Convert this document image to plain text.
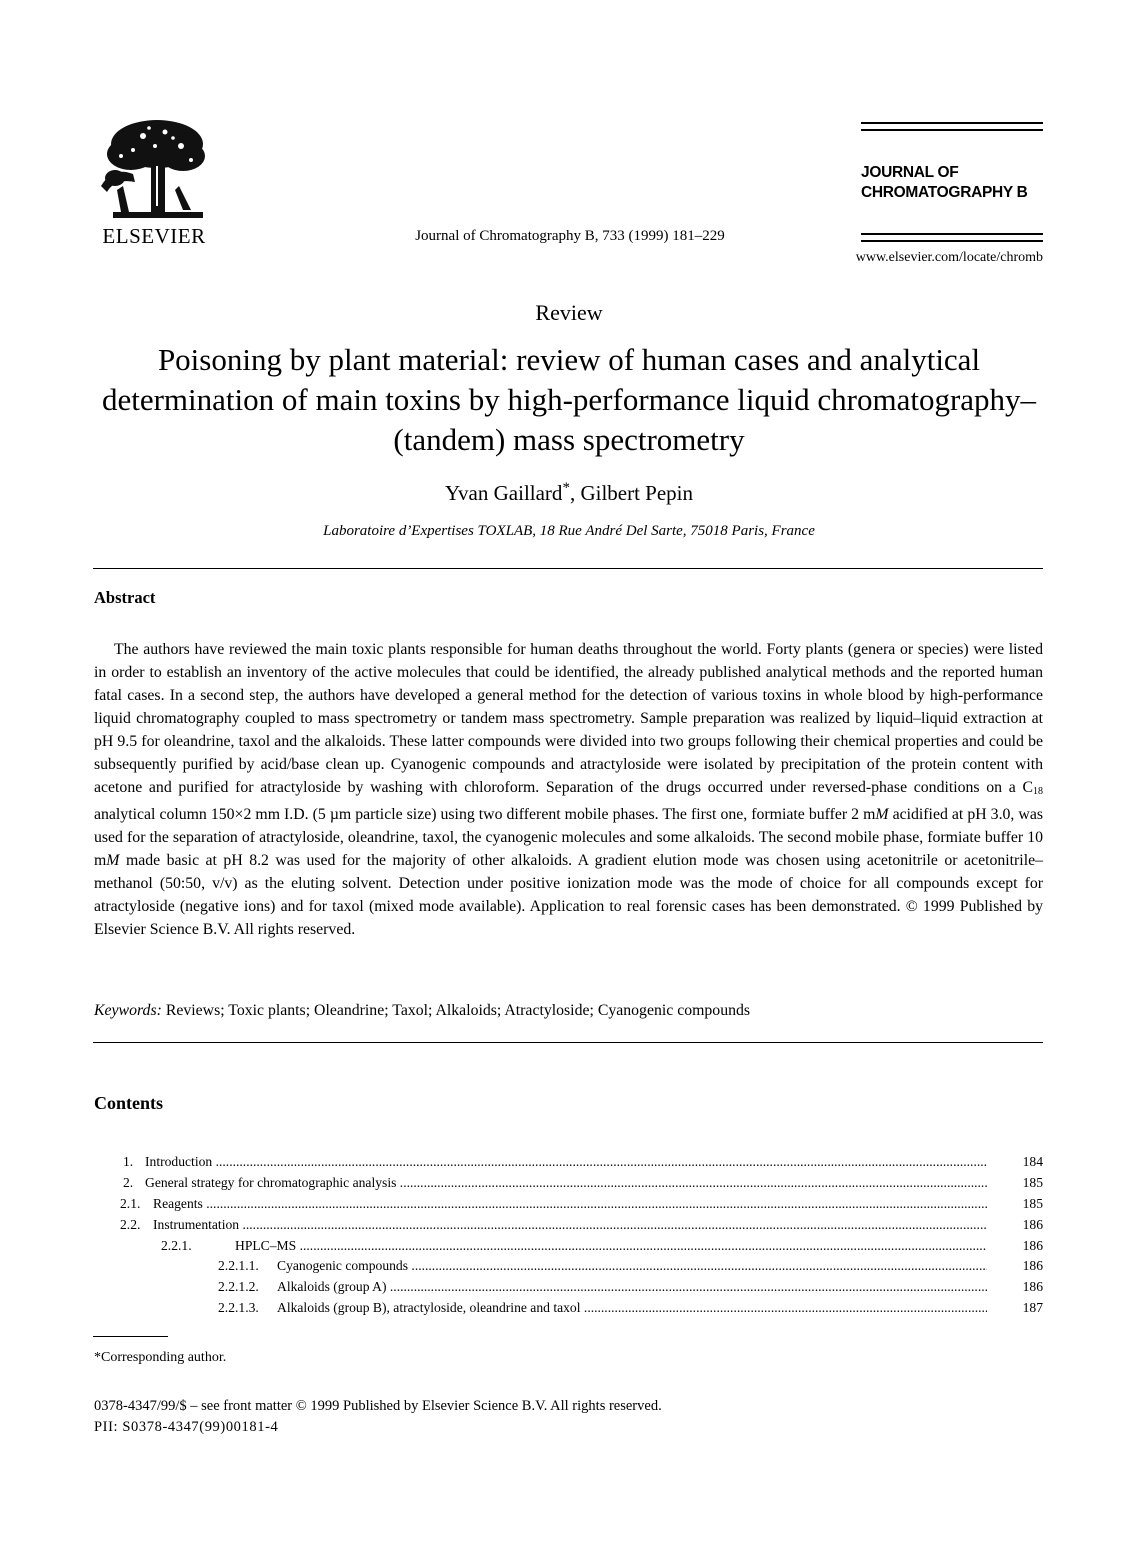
ELSEVIER	Journal of Chromatography B, 733 (1999) 181–229
JOURNAL OF
CHROMATOGRAPHY B
www.elsevier.com/locate/chromb
Review
Poisoning by plant material: review of human cases and analytical determination of main toxins by high-performance liquid chromatography–(tandem) mass spectrometry
Yvan Gaillard*, Gilbert Pepin
Laboratoire d’Expertises TOXLAB, 18 Rue André Del Sarte, 75018 Paris, France
Abstract
The authors have reviewed the main toxic plants responsible for human deaths throughout the world. Forty plants (genera or species) were listed in order to establish an inventory of the active molecules that could be identified, the already published analytical methods and the reported human fatal cases. In a second step, the authors have developed a general method for the detection of various toxins in whole blood by high-performance liquid chromatography coupled to mass spectrometry or tandem mass spectrometry. Sample preparation was realized by liquid–liquid extraction at pH 9.5 for oleandrine, taxol and the alkaloids. These latter compounds were divided into two groups following their chemical properties and could be subsequently purified by acid/base clean up. Cyanogenic compounds and atractyloside were isolated by precipitation of the protein content with acetone and purified for atractyloside by washing with chloroform. Separation of the drugs occurred under reversed-phase conditions on a $C_{18}$ analytical column 150×2 mm I.D. (5 µm particle size) using two different mobile phases. The first one, formiate buffer 2 mM acidified at pH 3.0, was used for the separation of atractyloside, oleandrine, taxol, the cyanogenic molecules and some alkaloids. The second mobile phase, formiate buffer 10 mM made basic at pH 8.2 was used for the majority of other alkaloids. A gradient elution mode was chosen using acetonitrile or acetonitrile–methanol (50:50, v/v) as the eluting solvent. Detection under positive ionization mode was the mode of choice for all compounds except for atractyloside (negative ions) and for taxol (mixed mode available). Application to real forensic cases has been demonstrated. © 1999 Published by Elsevier Science B.V. All rights reserved.
Keywords: Reviews; Toxic plants; Oleandrine; Taxol; Alkaloids; Atractyloside; Cyanogenic compounds
Contents
1. Introduction .....	184
2. General strategy for chromatographic analysis .....	185
2.1. Reagents .....	185
2.2. Instrumentation .....	186
2.2.1.	HPLC–MS .....	186
2.2.1.1. Cyanogenic compounds .....	186
2.2.1.2. Alkaloids (group A) .....	186
2.2.1.3. Alkaloids (group B), atractyloside, oleandrine and taxol .....	187
*Corresponding author.
0378-4347/99/$ – see front matter © 1999 Published by Elsevier Science B.V. All rights reserved.
PII: S0378-4347(99)00181-4
